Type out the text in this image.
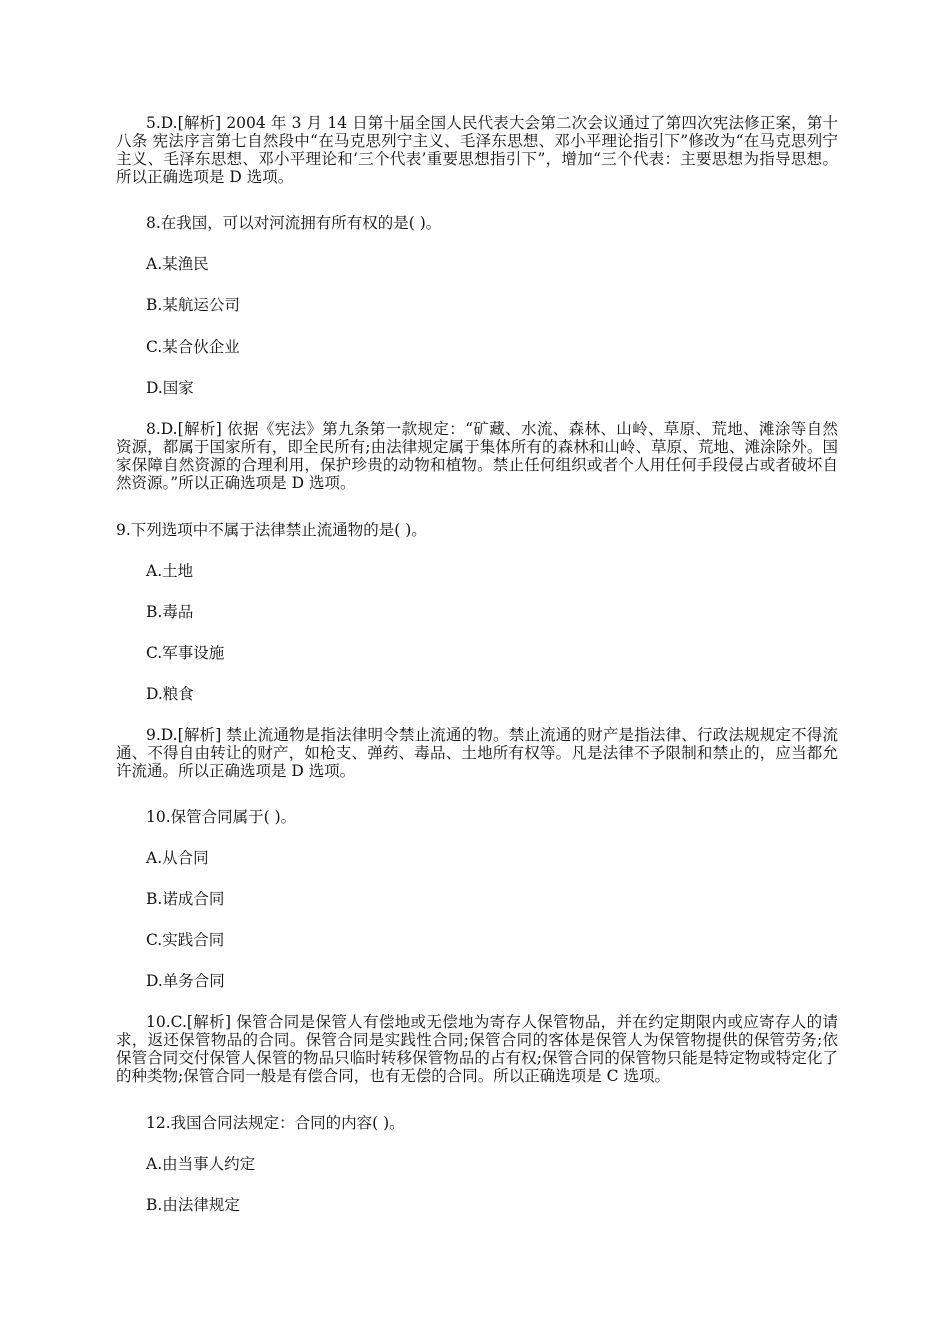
5.D.[解析] 2004 年 3 月 14 日第十届全国人民代表大会第二次会议通过了第四次宪法修正案，第十八条 宪法序言第七自然段中“在马克思列宁主义、毛泽东思想、邓小平理论指引下”修改为“在马克思列宁主义、毛泽东思想、邓小平理论和‘三个代表’重要思想指引下”，增加“三个代表：主要思想为指导思想。所以正确选项是 D 选项。
8.在我国，可以对河流拥有所有权的是( )。
A.某渔民
B.某航运公司
C.某合伙企业
D.国家
8.D.[解析] 依据《宪法》第九条第一款规定：“矿藏、水流、森林、山岭、草原、荒地、滩涂等自然资源，都属于国家所有，即全民所有;由法律规定属于集体所有的森林和山岭、草原、荒地、滩涂除外。国家保障自然资源的合理利用，保护珍贵的动物和植物。禁止任何组织或者个人用任何手段侵占或者破坏自然资源。”所以正确选项是 D 选项。
9.下列选项中不属于法律禁止流通物的是( )。
A.土地
B.毒品
C.军事设施
D.粮食
9.D.[解析] 禁止流通物是指法律明令禁止流通的物。禁止流通的财产是指法律、行政法规规定不得流通、不得自由转让的财产，如枪支、弹药、毒品、土地所有权等。凡是法律不予限制和禁止的，应当都允许流通。所以正确选项是 D 选项。
10.保管合同属于( )。
A.从合同
B.诺成合同
C.实践合同
D.单务合同
10.C.[解析] 保管合同是保管人有偿地或无偿地为寄存人保管物品，并在约定期限内或应寄存人的请求，返还保管物品的合同。保管合同是实践性合同;保管合同的客体是保管人为保管物提供的保管劳务;依保管合同交付保管人保管的物品只临时转移保管物品的占有权;保管合同的保管物只能是特定物或特定化了的种类物;保管合同一般是有偿合同，也有无偿的合同。所以正确选项是 C 选项。
12.我国合同法规定：合同的内容( )。
A.由当事人约定
B.由法律规定
